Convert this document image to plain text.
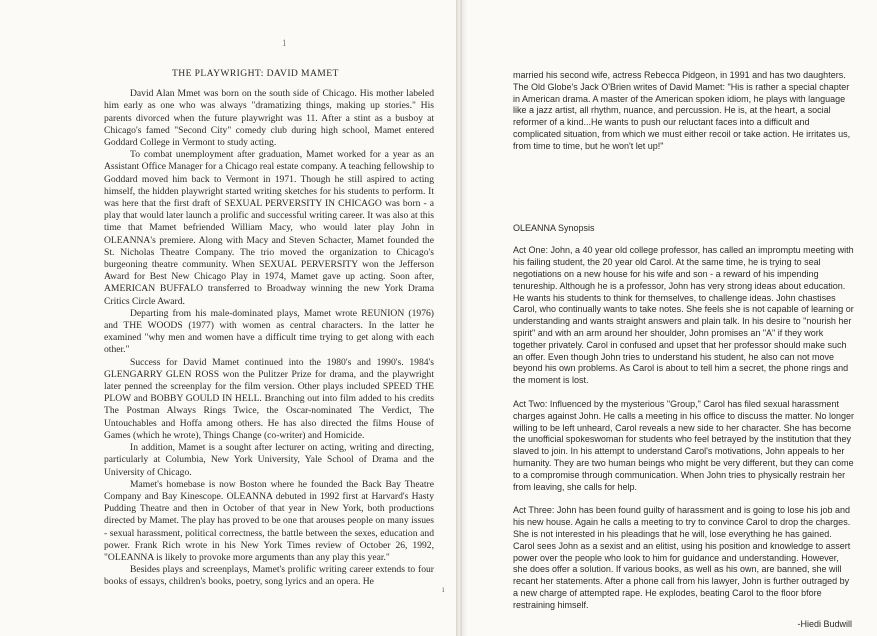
1
THE PLAYWRIGHT: DAVID MAMET

David Alan Mmet was born on the south side of Chicago. His mother labeled him early as one who was always "dramatizing things, making up stories." His parents divorced when the future playwright was 11. After a stint as a busboy at Chicago's famed "Second City" comedy club during high school, Mamet entered Goddard College in Vermont to study acting.

To combat unemployment after graduation, Mamet worked for a year as an Assistant Office Manager for a Chicago real estate company. A teaching fellowship to Goddard moved him back to Vermont in 1971. Though he still aspired to acting himself, the hidden playwright started writing sketches for his students to perform. It was here that the first draft of SEXUAL PERVERSITY IN CHICAGO was born - a play that would later launch a prolific and successful writing career. It was also at this time that Mamet befriended William Macy, who would later play John in OLEANNA's premiere. Along with Macy and Steven Schacter, Mamet founded the St. Nicholas Theatre Company. The trio moved the organization to Chicago's burgeoning theatre community. When SEXUAL PERVERSITY won the Jefferson Award for Best New Chicago Play in 1974, Mamet gave up acting. Soon after, AMERICAN BUFFALO transferred to Broadway winning the new York Drama Critics Circle Award.

Departing from his male-dominated plays, Mamet wrote REUNION (1976) and THE WOODS (1977) with women as central characters. In the latter he examined "why men and women have a difficult time trying to get along with each other."

Success for David Mamet continued into the 1980's and 1990's. 1984's GLENGARRY GLEN ROSS won the Pulitzer Prize for drama, and the playwright later penned the screenplay for the film version. Other plays included SPEED THE PLOW and BOBBY GOULD IN HELL. Branching out into film added to his credits The Postman Always Rings Twice, the Oscar-nominated The Verdict, The Untouchables and Hoffa among others. He has also directed the films House of Games (which he wrote), Things Change (co-writer) and Homicide.

In addition, Mamet is a sought after lecturer on acting, writing and directing, particularly at Columbia, New York University, Yale School of Drama and the University of Chicago.

Mamet's homebase is now Boston where he founded the Back Bay Theatre Company and Bay Kinescope. OLEANNA debuted in 1992 first at Harvard's Hasty Pudding Theatre and then in October of that year in New York, both productions directed by Mamet. The play has proved to be one that arouses people on many issues - sexual harassment, political correctness, the battle between the sexes, education and power. Frank Rich wrote in his New York Times review of October 26, 1992, "OLEANNA is likely to provoke more arguments than any play this year."

Besides plays and screenplays, Mamet's prolific writing career extends to four books of essays, children's books, poetry, song lyrics and an opera. He

married his second wife, actress Rebecca Pidgeon, in 1991 and has two daughters. The Old Globe's Jack O'Brien writes of David Mamet: "His is rather a special chapter in American drama. A master of the American spoken idiom, he plays with language like a jazz artist, all rhythm, nuance, and percussion. He is, at the heart, a social reformer of a kind...He wants to push our reluctant faces into a difficult and complicated situation, from which we must either recoil or take action. He irritates us, from time to time, but he won't let up!"

OLEANNA Synopsis

Act One: John, a 40 year old college professor, has called an impromptu meeting with his failing student, the 20 year old Carol. At the same time, he is trying to seal negotiations on a new house for his wife and son - a reward of his impending tenureship. Although he is a professor, John has very strong ideas about education. He wants his students to think for themselves, to challenge ideas. John chastises Carol, who continually wants to take notes. She feels she is not capable of learning or understanding and wants straight answers and plain talk. In his desire to "nourish her spirit" and with an arm around her shoulder, John promises an "A" if they work together privately. Carol in confused and upset that her professor should make such an offer. Even though John tries to understand his student, he also can not move beyond his own problems. As Carol is about to tell him a secret, the phone rings and the moment is lost.

Act Two: Influenced by the mysterious "Group," Carol has filed sexual harassment charges against John. He calls a meeting in his office to discuss the matter. No longer willing to be left unheard, Carol reveals a new side to her character. She has become the unofficial spokeswoman for students who feel betrayed by the institution that they slaved to join. In his attempt to understand Carol's motivations, John appeals to her humanity. They are two human beings who might be very different, but they can come to a compromise through communication. When John tries to physically restrain her from leaving, she calls for help.

Act Three: John has been found guilty of harassment and is going to lose his job and his new house. Again he calls a meeting to try to convince Carol to drop the charges. She is not interested in his pleadings that he will, lose everything he has gained. Carol sees John as a sexist and an elitist, using his position and knowledge to assert power over the people who look to him for guidance and understanding. However, she does offer a solution. If various books, as well as his own, are banned, she will recant her statements. After a phone call from his lawyer, John is further outraged by a new charge of attempted rape. He explodes, beating Carol to the floor bfore restraining himself.

-Hiedi Budwill

ı
